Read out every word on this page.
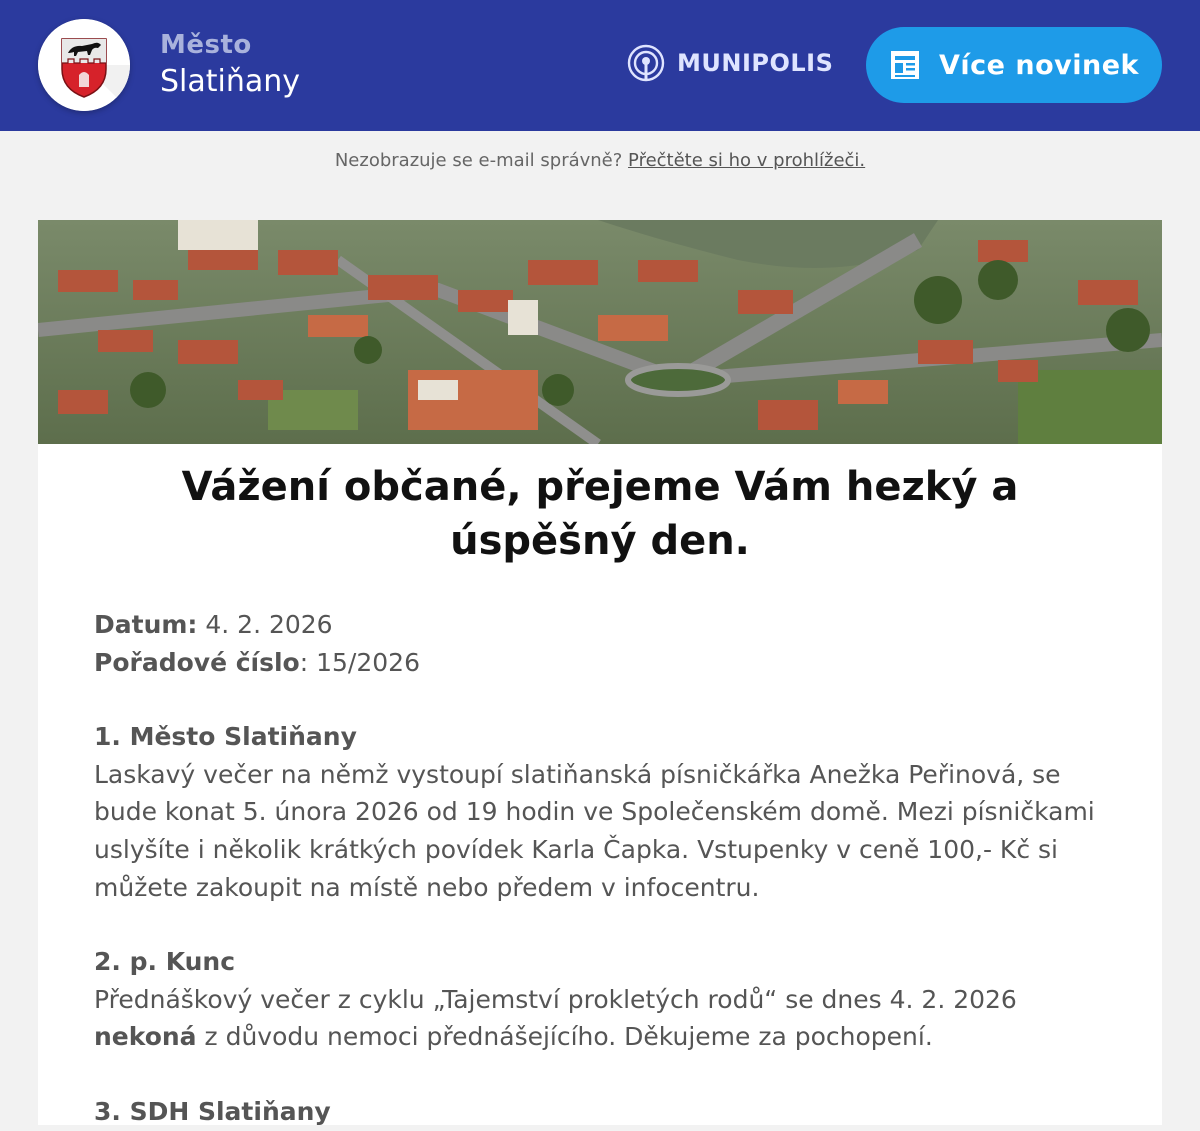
Město
Slatiňany
MUNIPOLIS	Více novinek
Nezobrazuje se e-mail správně? Přečtěte si ho v prohlížeči.
Vážení občané, přejeme Vám hezký a úspěšný den.

Datum: 4. 2. 2026

Pořadové číslo: 15/2026

1. Město Slatiňany

Laskavý večer na němž vystoupí slatiňanská písničkářka Anežka Peřinová, se bude konat 5. února 2026 od 19 hodin ve Společenském domě. Mezi písničkami uslyšíte i několik krátkých povídek Karla Čapka. Vstupenky v ceně 100,- Kč si můžete zakoupit na místě nebo předem v infocentru.

2. p. Kunc

Přednáškový večer z cyklu „Tajemství prokletých rodů“ se dnes 4. 2. 2026 nekoná z důvodu nemoci přednášejícího. Děkujeme za pochopení.

3. SDH Slatiňany
